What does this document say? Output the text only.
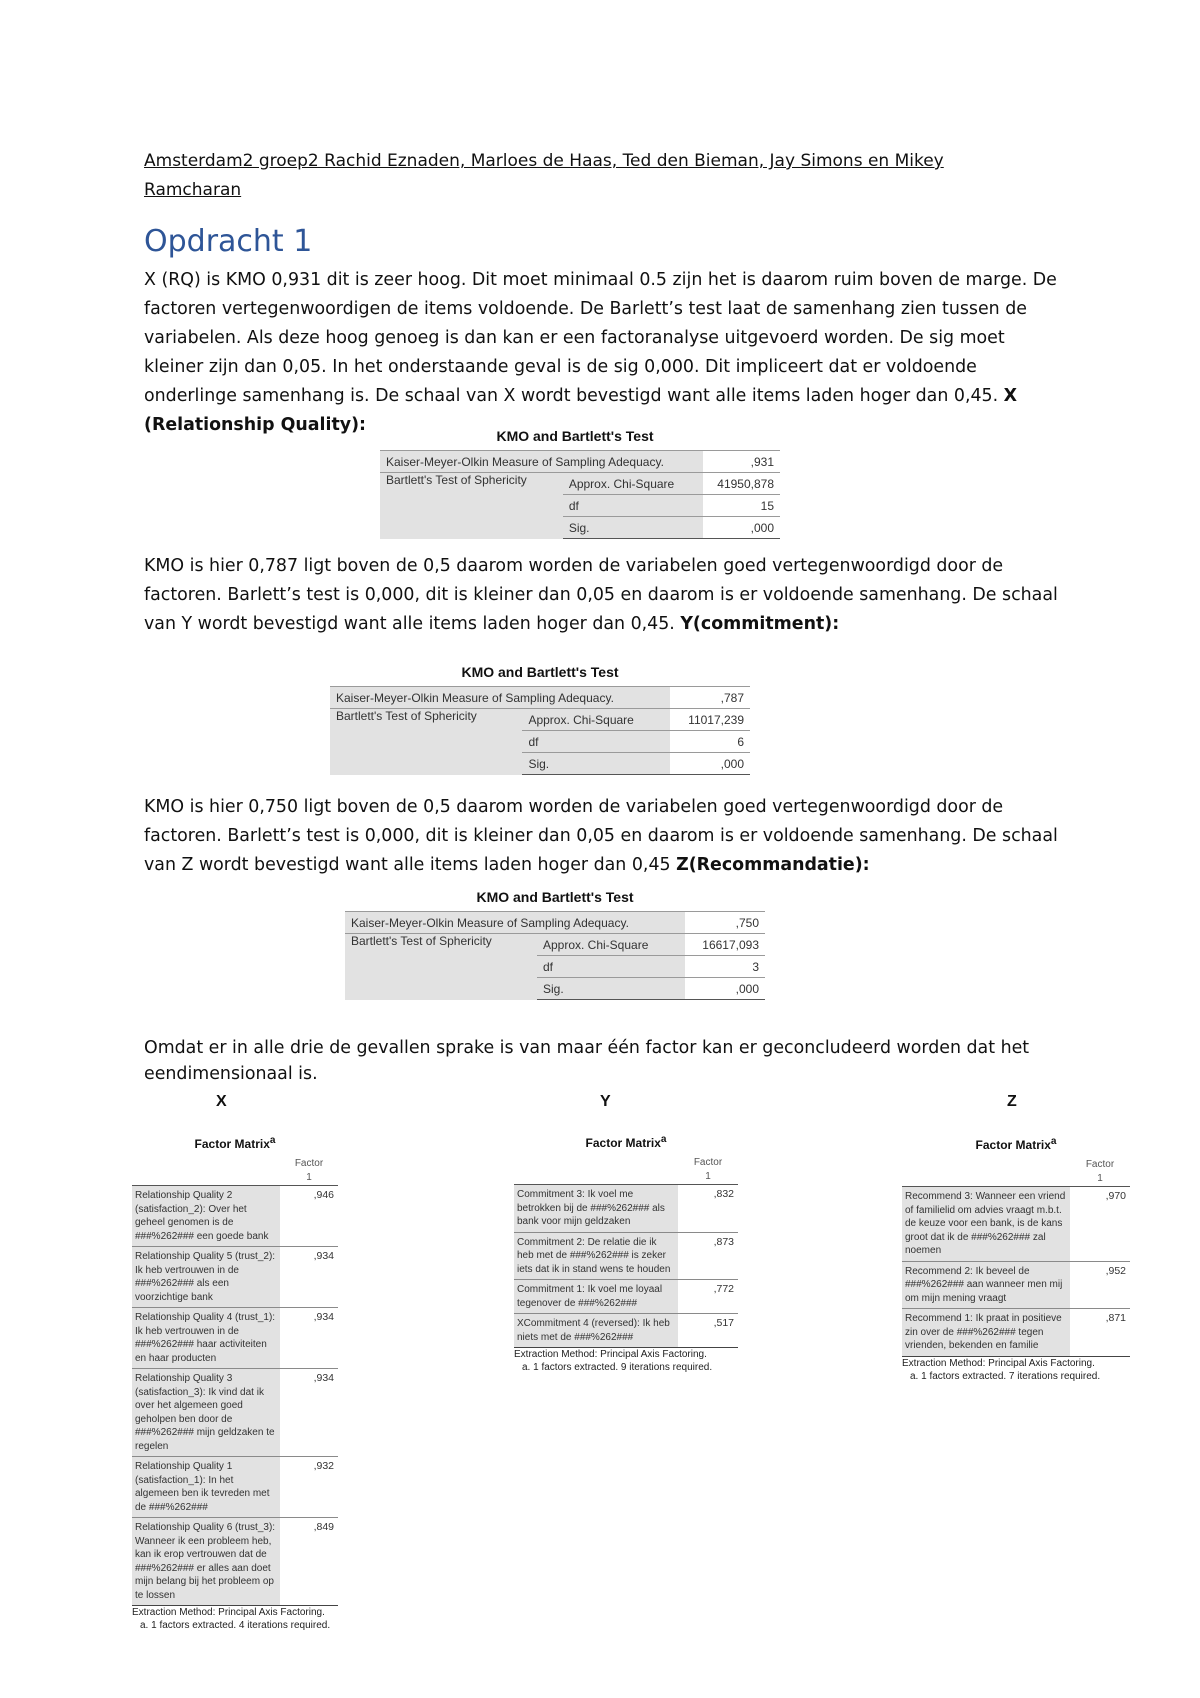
Amsterdam2 groep2 Rachid Eznaden, Marloes de Haas, Ted den Bieman, Jay Simons en Mikey Ramcharan
Opdracht 1
X (RQ) is KMO 0,931 dit is zeer hoog. Dit moet minimaal 0.5 zijn het is daarom ruim boven de marge. De factoren vertegenwoordigen de items voldoende. De Barlett’s test laat de samenhang zien tussen de variabelen. Als deze hoog genoeg is dan kan er een factoranalyse uitgevoerd worden. De sig moet kleiner zijn dan 0,05. In het onderstaande geval is de sig 0,000. Dit impliceert dat er voldoende onderlinge samenhang is. De schaal van X wordt bevestigd want alle items laden hoger dan 0,45. X (Relationship Quality):
KMO and Bartlett's Test
Kaiser-Meyer-Olkin Measure of Sampling Adequacy.		,931
Bartlett's Test of Sphericity	Approx. Chi-Square	41950,878
	df	15
	Sig.	,000
KMO is hier 0,787 ligt boven de 0,5 daarom worden de variabelen goed vertegenwoordigd door de factoren. Barlett’s test is 0,000, dit is kleiner dan 0,05 en daarom is er voldoende samenhang. De schaal van Y wordt bevestigd want alle items laden hoger dan 0,45. Y(commitment):
KMO and Bartlett's Test
Kaiser-Meyer-Olkin Measure of Sampling Adequacy.		,787
Bartlett's Test of Sphericity	Approx. Chi-Square	11017,239
	df	6
	Sig.	,000
KMO is hier 0,750 ligt boven de 0,5 daarom worden de variabelen goed vertegenwoordigd door de factoren. Barlett’s test is 0,000, dit is kleiner dan 0,05 en daarom is er voldoende samenhang. De schaal van Z wordt bevestigd want alle items laden hoger dan 0,45 Z(Recommandatie):
KMO and Bartlett's Test
Kaiser-Meyer-Olkin Measure of Sampling Adequacy.		,750
Bartlett's Test of Sphericity	Approx. Chi-Square	16617,093
	df	3
	Sig.	,000
Omdat er in alle drie de gevallen sprake is van maar één factor kan er geconcludeerd worden dat het eendimensionaal is.
X	Y	Z
Factor Matrix$^a$
Factor
1
Relationship Quality 2 (satisfaction_2): Over het geheel genomen is de ###%262### een goede bank
,946
Relationship Quality 5 (trust_2): Ik heb vertrouwen in de ###%262### als een voorzichtige bank
,934
Relationship Quality 4 (trust_1): Ik heb vertrouwen in de ###%262### haar activiteiten en haar producten
,934
Relationship Quality 3 (satisfaction_3): Ik vind dat ik over het algemeen goed geholpen ben door de ###%262### mijn geldzaken te regelen
,934
Relationship Quality 1 (satisfaction_1): In het algemeen ben ik tevreden met de ###%262###
,932
Relationship Quality 6 (trust_3): Wanneer ik een probleem heb, kan ik erop vertrouwen dat de ###%262### er alles aan doet mijn belang bij het probleem op te lossen
,849
Extraction Method: Principal Axis Factoring.
a. 1 factors extracted. 4 iterations required.
Factor Matrix$^a$
Factor
1
Commitment 3: Ik voel me betrokken bij de ###%262### als bank voor mijn geldzaken
,832
Commitment 2: De relatie die ik heb met de ###%262### is zeker iets dat ik in stand wens te houden
,873
Commitment 1: Ik voel me loyaal tegenover de ###%262###
,772
XCommitment 4 (reversed): Ik heb niets met de ###%262###
,517
Extraction Method: Principal Axis Factoring.
a. 1 factors extracted. 9 iterations required.
Factor Matrix$^a$
Factor
1
Recommend 3: Wanneer een vriend of familielid om advies vraagt m.b.t. de keuze voor een bank, is de kans groot dat ik de ###%262### zal noemen
,970
Recommend 2: Ik beveel de ###%262### aan wanneer men mij om mijn mening vraagt
,952
Recommend 1: Ik praat in positieve zin over de ###%262### tegen vrienden, bekenden en familie
,871
Extraction Method: Principal Axis Factoring.
a. 1 factors extracted. 7 iterations required.
